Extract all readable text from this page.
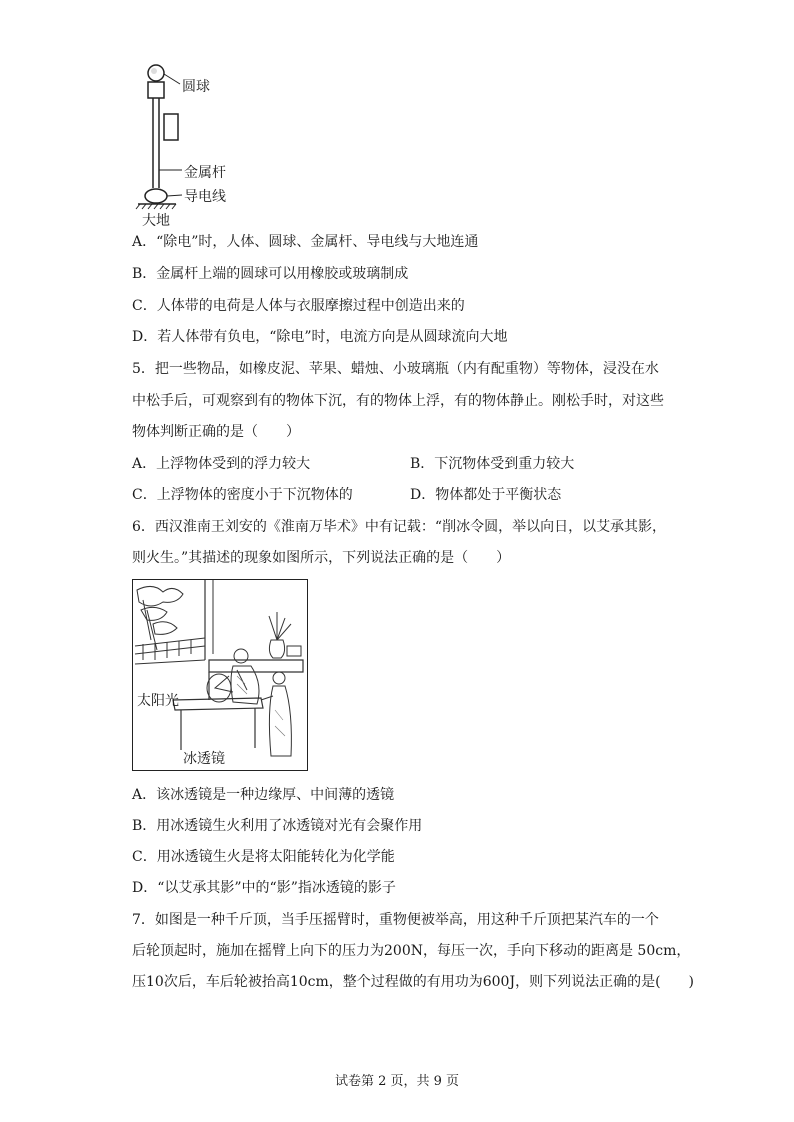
圆球
金属杆
导电线
大地
A．“除电”时，人体、圆球、金属杆、导电线与大地连通
B．金属杆上端的圆球可以用橡胶或玻璃制成
C．人体带的电荷是人体与衣服摩擦过程中创造出来的
D．若人体带有负电，“除电”时，电流方向是从圆球流向大地
5．把一些物品，如橡皮泥、苹果、蜡烛、小玻璃瓶（内有配重物）等物体，浸没在水
中松手后，可观察到有的物体下沉，有的物体上浮，有的物体静止。刚松手时，对这些
物体判断正确的是（　　）
A．上浮物体受到的浮力较大	B．下沉物体受到重力较大
C．上浮物体的密度小于下沉物体的	D．物体都处于平衡状态
6．西汉淮南王刘安的《淮南万毕术》中有记载：“削冰令圆，举以向日，以艾承其影，
则火生。”其描述的现象如图所示，下列说法正确的是（　　）
太阳光
冰透镜
A．该冰透镜是一种边缘厚、中间薄的透镜
B．用冰透镜生火利用了冰透镜对光有会聚作用
C．用冰透镜生火是将太阳能转化为化学能
D．“以艾承其影”中的“影”指冰透镜的影子
7．如图是一种千斤顶，当手压摇臂时，重物便被举高，用这种千斤顶把某汽车的一个
后轮顶起时，施加在摇臂上向下的压力为200N，每压一次，手向下移动的距离是 50cm，
压10次后，车后轮被抬高10cm，整个过程做的有用功为600J，则下列说法正确的是(　　)
试卷第 2 页，共 9 页
